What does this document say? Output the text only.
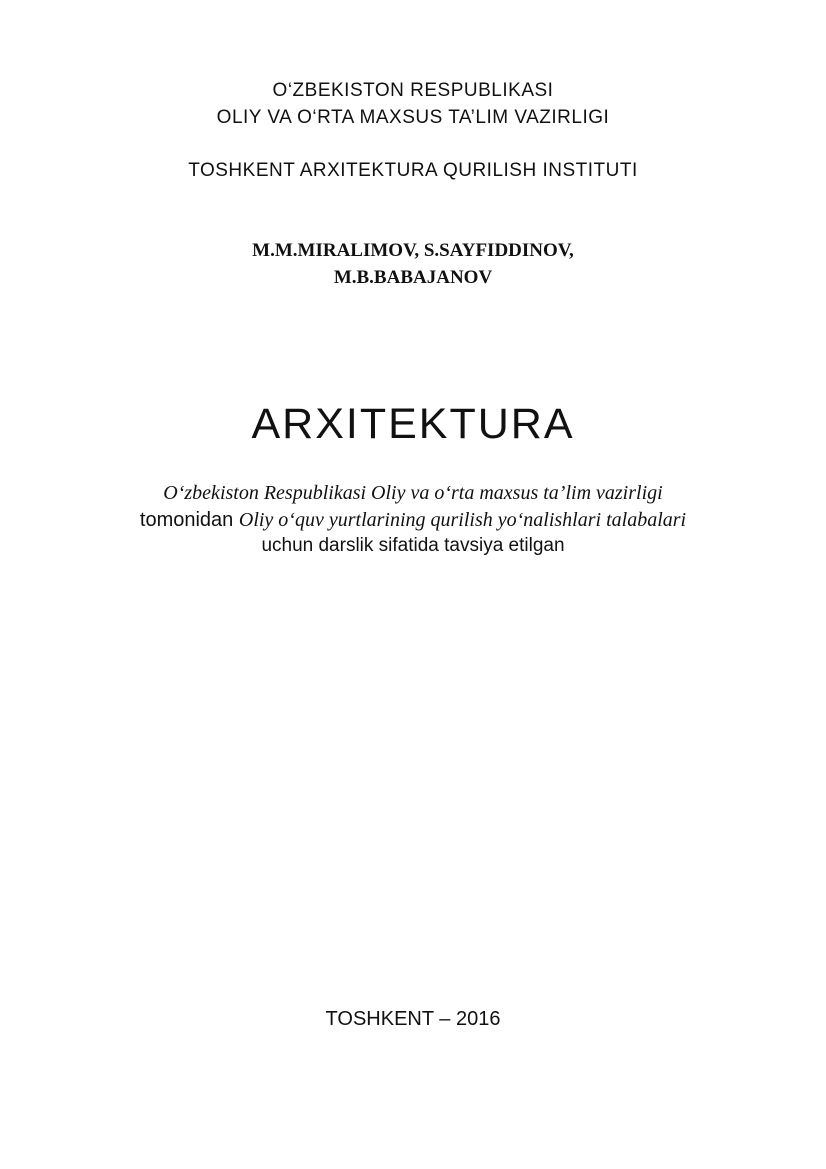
O‘ZBEKISTON RESPUBLIKASI
OLIY VA O‘RTA MAXSUS TA’LIM VAZIRLIGI
TOSHKENT ARXITEKTURA QURILISH INSTITUTI
M.M.MIRALIMOV, S.SAYFIDDINOV,
M.B.BABAJANOV
ARXITEKTURA
O‘zbekiston Respublikasi Oliy va o‘rta maxsus ta’lim vazirligi
tomonidan Oliy o‘quv yurtlarining qurilish yo‘nalishlari talabalari
uchun darslik sifatida tavsiya etilgan
TOSHKENT – 2016
